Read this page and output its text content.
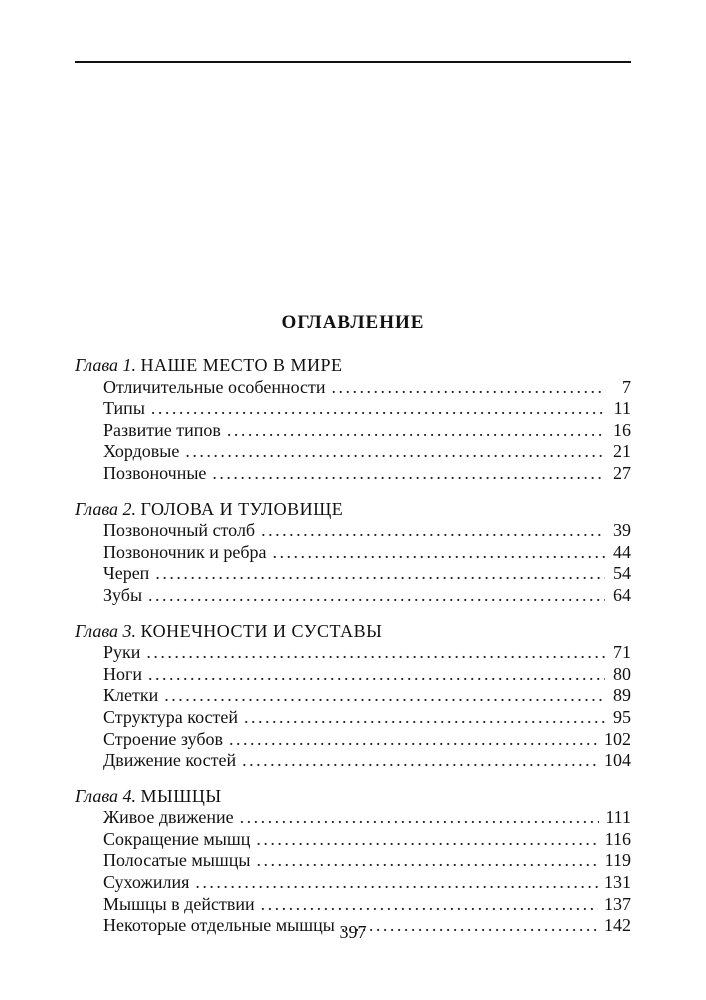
ОГЛАВЛЕНИЕ
Глава 1. НАШЕ МЕСТО В МИРЕ
Отличительные особенности . . .	7
Типы . . .	11
Развитие типов . . .	16
Хордовые . . .	21
Позвоночные . . .	27
Глава 2. ГОЛОВА И ТУЛОВИЩЕ
Позвоночный столб . . .	39
Позвоночник и ребра . . .	44
Череп . . .	54
Зубы . . .	64
Глава 3. КОНЕЧНОСТИ И СУСТАВЫ
Руки . . .	71
Ноги . . .	80
Клетки . . .	89
Структура костей . . .	95
Строение зубов . . .	102
Движение костей . . .	104
Глава 4. МЫШЦЫ
Живое движение . . .	111
Сокращение мышц . . .	116
Полосатые мышцы . . .	119
Сухожилия . . .	131
Мышцы в действии . . .	137
Некоторые отдельные мышцы . . .	142
397
